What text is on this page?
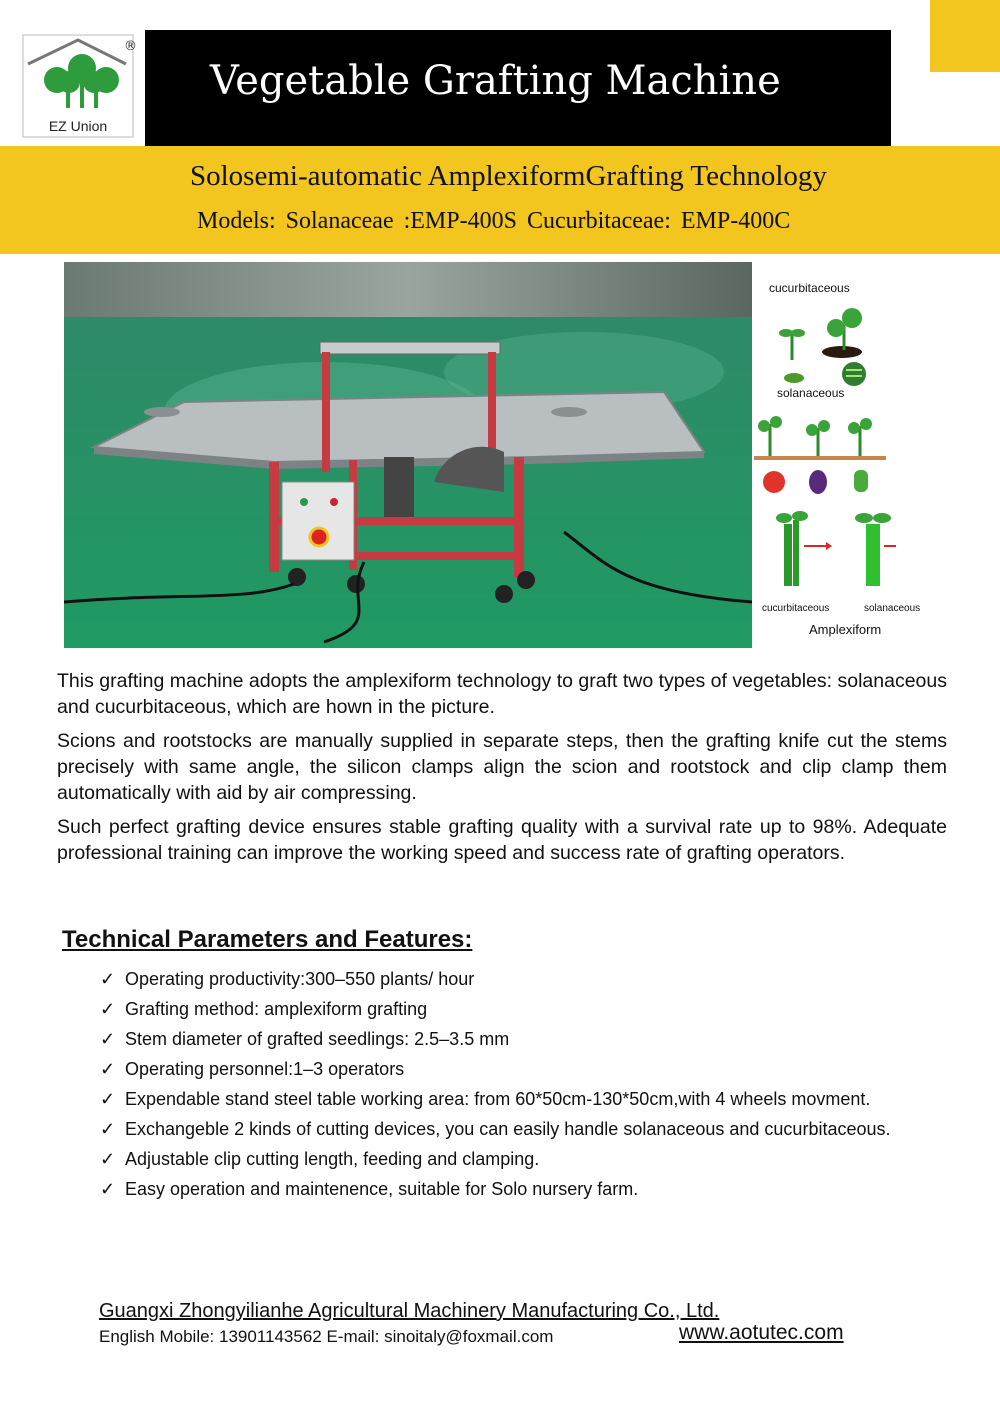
®
EZ Union
Vegetable Grafting Machine
Solosemi-automatic AmplexiformGrafting Technology
Models: Solanaceae :EMP-400S Cucurbitaceae: EMP-400C
cucurbitaceous
solanaceous
cucurbitaceous	solanaceous
Amplexiform

This grafting machine adopts the amplexiform technology to graft two types of vegetables: solanaceous and cucurbitaceous, which are hown in the picture.

Scions and rootstocks are manually supplied in separate steps, then the grafting knife cut the stems precisely with same angle, the silicon clamps align the scion and rootstock and clip clamp them automatically with aid by air compressing.

Such perfect grafting device ensures stable grafting quality with a survival rate up to 98%. Adequate professional training can improve the working speed and success rate of grafting operators.

Technical Parameters and Features:
✓ Operating productivity:300–550 plants/ hour
✓ Grafting method: amplexiform grafting
✓ Stem diameter of grafted seedlings: 2.5–3.5 mm
✓ Operating personnel:1–3 operators
✓ Expendable stand steel table working area: from 60*50cm-130*50cm,with 4 wheels movment.
✓ Exchangeble 2 kinds of cutting devices, you can easily handle solanaceous and cucurbitaceous.
✓ Adjustable clip cutting length, feeding and clamping.
✓ Easy operation and maintenence, suitable for Solo nursery farm.
Guangxi Zhongyilianhe Agricultural Machinery Manufacturing Co., Ltd.
English Mobile: 13901143562 E-mail: sinoitaly@foxmail.com	www.aotutec.com
